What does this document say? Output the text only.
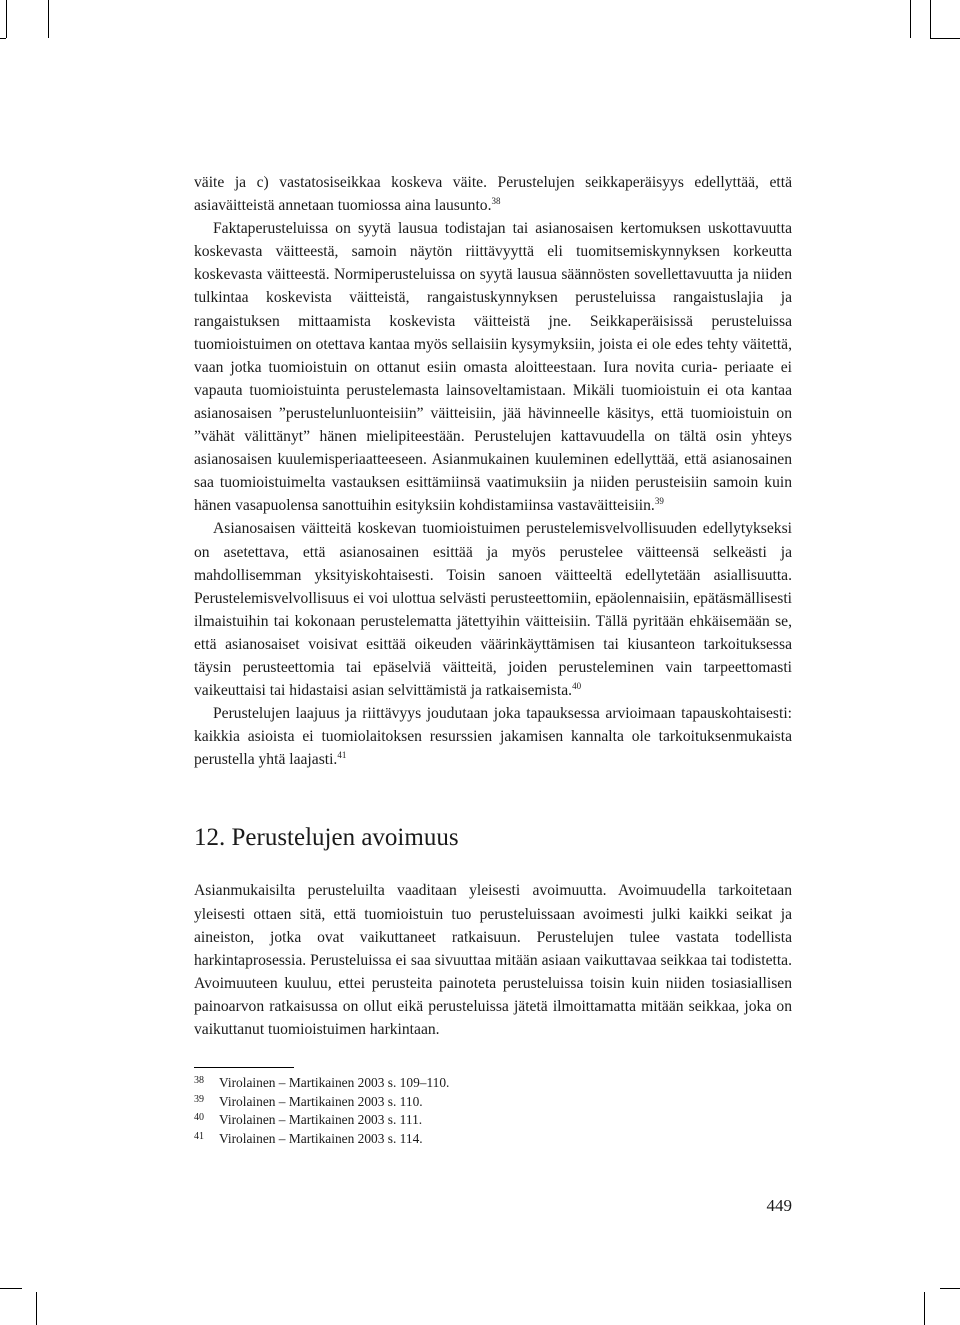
väite ja c) vastatosiseikkaa koskeva väite. Perustelujen seikkaperäisyys edellyttää, että asiaväitteistä annetaan tuomiossa aina lausunto.$^{38}$

Faktaperusteluissa on syytä lausua todistajan tai asianosaisen kertomuksen uskottavuutta koskevasta väitteestä, samoin näytön riittävyyttä eli tuomitsemiskynnyksen korkeutta koskevasta väitteestä. Normiperusteluissa on syytä lausua säännösten sovellettavuutta ja niiden tulkintaa koskevista väitteistä, rangaistuskynnyksen perusteluissa rangaistuslajia ja rangaistuksen mittaamista koskevista väitteistä jne. Seikkaperäisissä perusteluissa tuomioistuimen on otettava kantaa myös sellaisiin kysymyksiin, joista ei ole edes tehty väitettä, vaan jotka tuomioistuin on ottanut esiin omasta aloitteestaan. Iura novita curia- periaate ei vapauta tuomioistuinta perustelemasta lainsoveltamistaan. Mikäli tuomioistuin ei ota kantaa asianosaisen ”perustelunluonteisiin” väitteisiin, jää hävinneelle käsitys, että tuomioistuin on ”vähät välittänyt” hänen mielipiteestään. Perustelujen kattavuudella on tältä osin yhteys asianosaisen kuulemisperiaatteeseen. Asianmukainen kuuleminen edellyttää, että asianosainen saa tuomioistuimelta vastauksen esittämiinsä vaatimuksiin ja niiden perusteisiin samoin kuin hänen vasapuolensa sanottuihin esityksiin kohdistamiinsa vastaväitteisiin.$^{39}$

Asianosaisen väitteitä koskevan tuomioistuimen perustelemisvelvollisuuden edellytykseksi on asetettava, että asianosainen esittää ja myös perustelee väitteensä selkeästi ja mahdollisemman yksityiskohtaisesti. Toisin sanoen väitteeltä edellytetään asiallisuutta. Perustelemisvelvollisuus ei voi ulottua selvästi perusteettomiin, epäolennaisiin, epätäsmällisesti ilmaistuihin tai kokonaan perustelematta jätettyihin väitteisiin. Tällä pyritään ehkäisemään se, että asianosaiset voisivat esittää oikeuden väärinkäyttämisen tai kiusanteon tarkoituksessa täysin perusteettomia tai epäselviä väitteitä, joiden perusteleminen vain tarpeettomasti vaikeuttaisi tai hidastaisi asian selvittämistä ja ratkaisemista.$^{40}$

Perustelujen laajuus ja riittävyys joudutaan joka tapauksessa arvioimaan tapauskohtaisesti: kaikkia asioista ei tuomiolaitoksen resurssien jakamisen kannalta ole tarkoituksenmukaista perustella yhtä laajasti.$^{41}$

12. Perustelujen avoimuus

Asianmukaisilta perusteluilta vaaditaan yleisesti avoimuutta. Avoimuudella tarkoitetaan yleisesti ottaen sitä, että tuomioistuin tuo perusteluissaan avoimesti julki kaikki seikat ja aineiston, jotka ovat vaikuttaneet ratkaisuun. Perustelujen tulee vastata todellista harkintaprosessia. Perusteluissa ei saa sivuuttaa mitään asiaan vaikuttavaa seikkaa tai todistetta. Avoimuuteen kuuluu, ettei perusteita painoteta perusteluissa toisin kuin niiden tosiasiallisen painoarvon ratkaisussa on ollut eikä perusteluissa jätetä ilmoittamatta mitään seikkaa, joka on vaikuttanut tuomioistuimen harkintaan.

38	Virolainen – Martikainen 2003 s. 109–110.
39	Virolainen – Martikainen 2003 s. 110.
40	Virolainen – Martikainen 2003 s. 111.
41	Virolainen – Martikainen 2003 s. 114.
449
